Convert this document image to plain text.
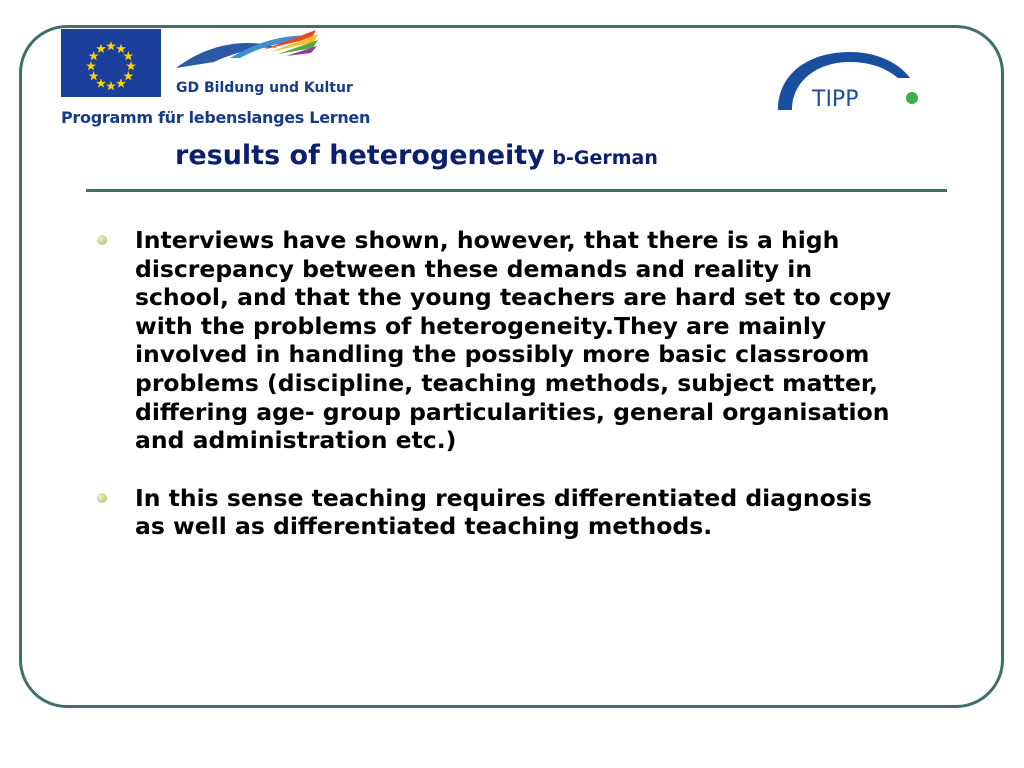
GD Bildung und Kultur
Programm für lebenslanges Lernen
TIPP
results of heterogeneity b-German
Interviews have shown, however, that there is a high discrepancy between these demands and reality in school, and that the young teachers are hard set to copy with the problems of heterogeneity.They are mainly involved in handling the possibly more basic classroom problems (discipline, teaching methods, subject matter, differing age- group particularities, general organisation and administration etc.)
In this sense teaching requires differentiated diagnosis as well as differentiated teaching methods.
